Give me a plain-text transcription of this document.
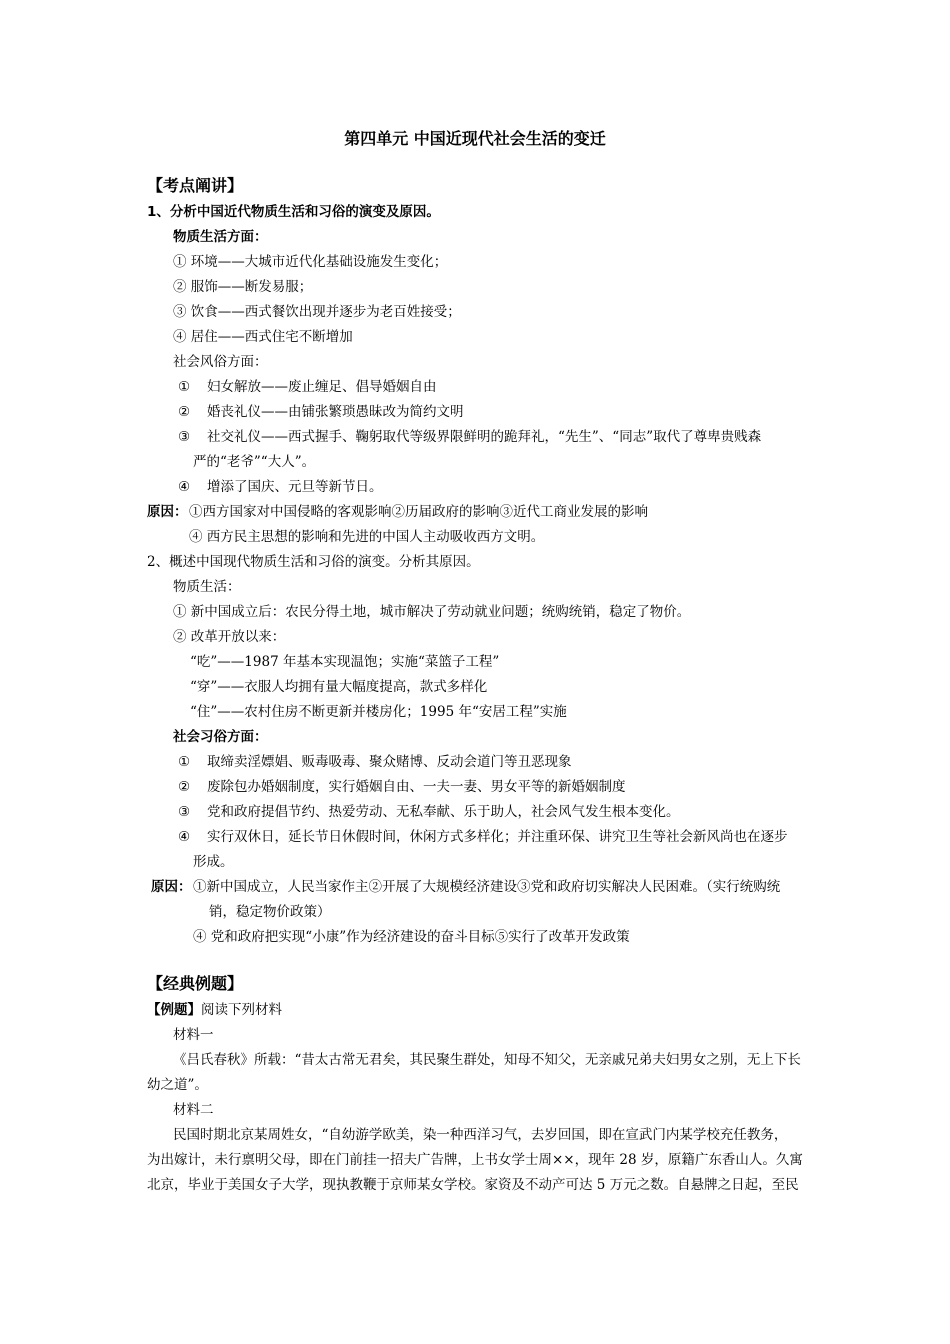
第四单元 中国近现代社会生活的变迁
【考点阐讲】
1、分析中国近代物质生活和习俗的演变及原因。
物质生活方面：
① 环境——大城市近代化基础设施发生变化；
② 服饰——断发易服；
③ 饮食——西式餐饮出现并逐步为老百姓接受；
④ 居住——西式住宅不断增加
社会风俗方面：
① 妇女解放——废止缠足、倡导婚姻自由
② 婚丧礼仪——由铺张繁琐愚昧改为简约文明
③ 社交礼仪——西式握手、鞠躬取代等级界限鲜明的跪拜礼，“先生”、“同志”取代了尊卑贵贱森
严的“老爷”“大人”。
④ 增添了国庆、元旦等新节日。
原因： ①西方国家对中国侵略的客观影响②历届政府的影响③近代工商业发展的影响
④ 西方民主思想的影响和先进的中国人主动吸收西方文明。
2、概述中国现代物质生活和习俗的演变。分析其原因。
物质生活：
① 新中国成立后：农民分得土地，城市解决了劳动就业问题；统购统销，稳定了物价。
② 改革开放以来：
“吃”——1987 年基本实现温饱；实施“菜篮子工程”
“穿”——衣服人均拥有量大幅度提高，款式多样化
“住”——农村住房不断更新并楼房化；1995 年“安居工程”实施
社会习俗方面：
① 取缔卖淫嫖娼、贩毒吸毒、聚众赌博、反动会道门等丑恶现象
② 废除包办婚姻制度，实行婚姻自由、一夫一妻、男女平等的新婚姻制度
③ 党和政府提倡节约、热爱劳动、无私奉献、乐于助人，社会风气发生根本变化。
④ 实行双休日，延长节日休假时间，休闲方式多样化；并注重环保、讲究卫生等社会新风尚也在逐步
形成。
原因： ①新中国成立，人民当家作主②开展了大规模经济建设③党和政府切实解决人民困难。（实行统购统
销，稳定物价政策）
④ 党和政府把实现“小康”作为经济建设的奋斗目标⑤实行了改革开发政策
【经典例题】
【例题】阅读下列材料
材料一
《吕氏春秋》所载：“昔太古常无君矣，其民聚生群处，知母不知父，无亲戚兄弟夫妇男女之别，无上下长
幼之道”。
材料二
民国时期北京某周姓女，“自幼游学欧美，染一种西洋习气，去岁回国，即在宣武门内某学校充任教务，
为出嫁计，未行禀明父母，即在门前挂一招夫广告牌，上书女学士周××，现年 28 岁，原籍广东香山人。久寓
北京，毕业于美国女子大学，现执教鞭于京师某女学校。家资及不动产可达 5 万元之数。自悬牌之日起，至民
